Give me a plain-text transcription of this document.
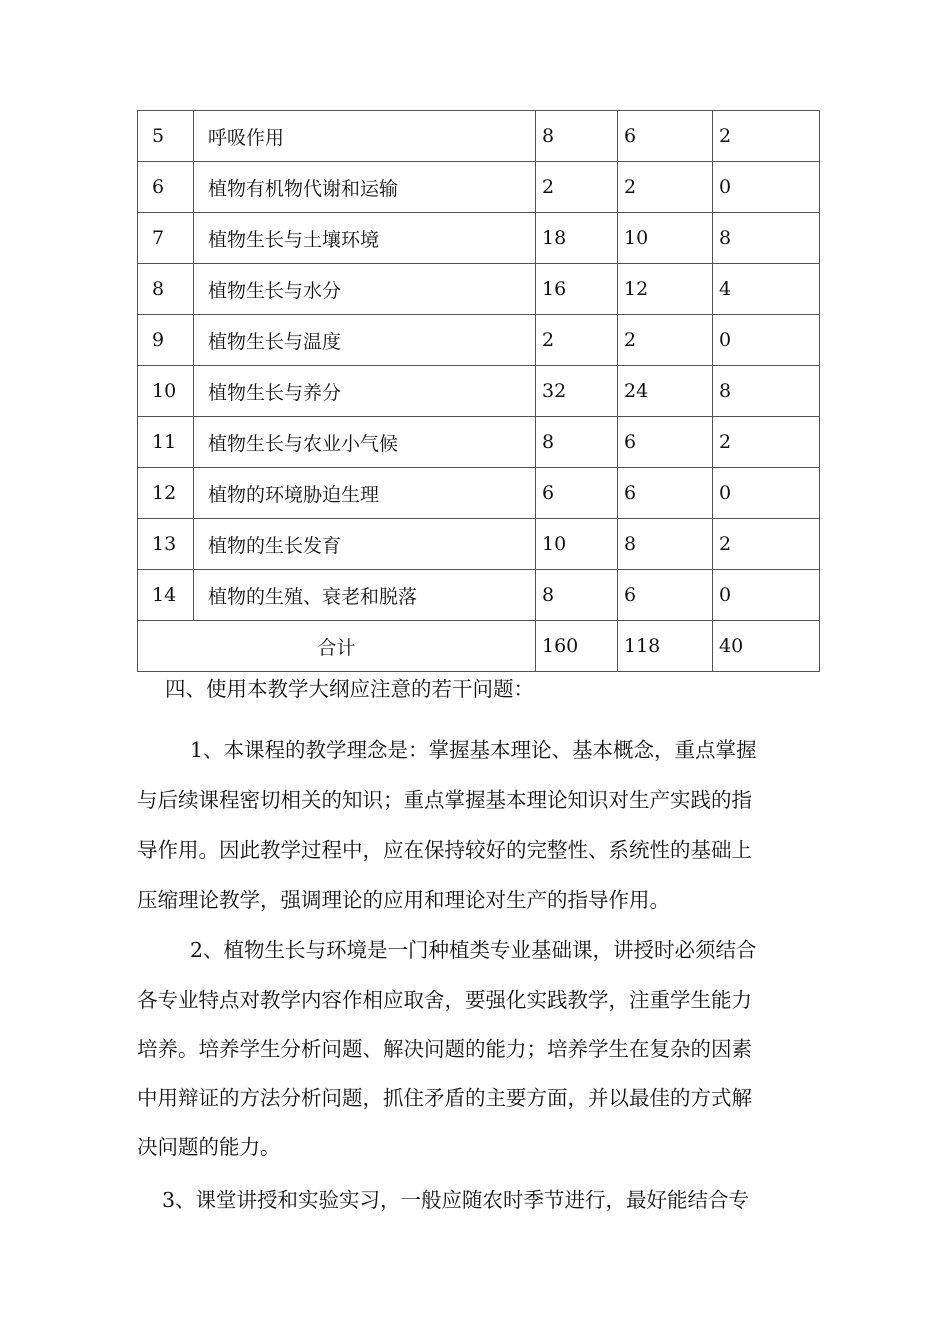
5	呼吸作用	8	6	2
6	植物有机物代谢和运输	2	2	0
7	植物生长与土壤环境	18	10	8
8	植物生长与水分	16	12	4
9	植物生长与温度	2	2	0
10	植物生长与养分	32	24	8
11	植物生长与农业小气候	8	6	2
12	植物的环境胁迫生理	6	6	0
13	植物的生长发育	10	8	2
14	植物的生殖、衰老和脱落	8	6	0
合计		160	118	40
四、使用本教学大纲应注意的若干问题：
1、本课程的教学理念是：掌握基本理论、基本概念，重点掌握
与后续课程密切相关的知识；重点掌握基本理论知识对生产实践的指
导作用。因此教学过程中，应在保持较好的完整性、系统性的基础上
压缩理论教学，强调理论的应用和理论对生产的指导作用。
2、植物生长与环境是一门种植类专业基础课，讲授时必须结合
各专业特点对教学内容作相应取舍，要强化实践教学，注重学生能力
培养。培养学生分析问题、解决问题的能力；培养学生在复杂的因素
中用辩证的方法分析问题，抓住矛盾的主要方面，并以最佳的方式解
决问题的能力。
3、课堂讲授和实验实习，一般应随农时季节进行，最好能结合专
